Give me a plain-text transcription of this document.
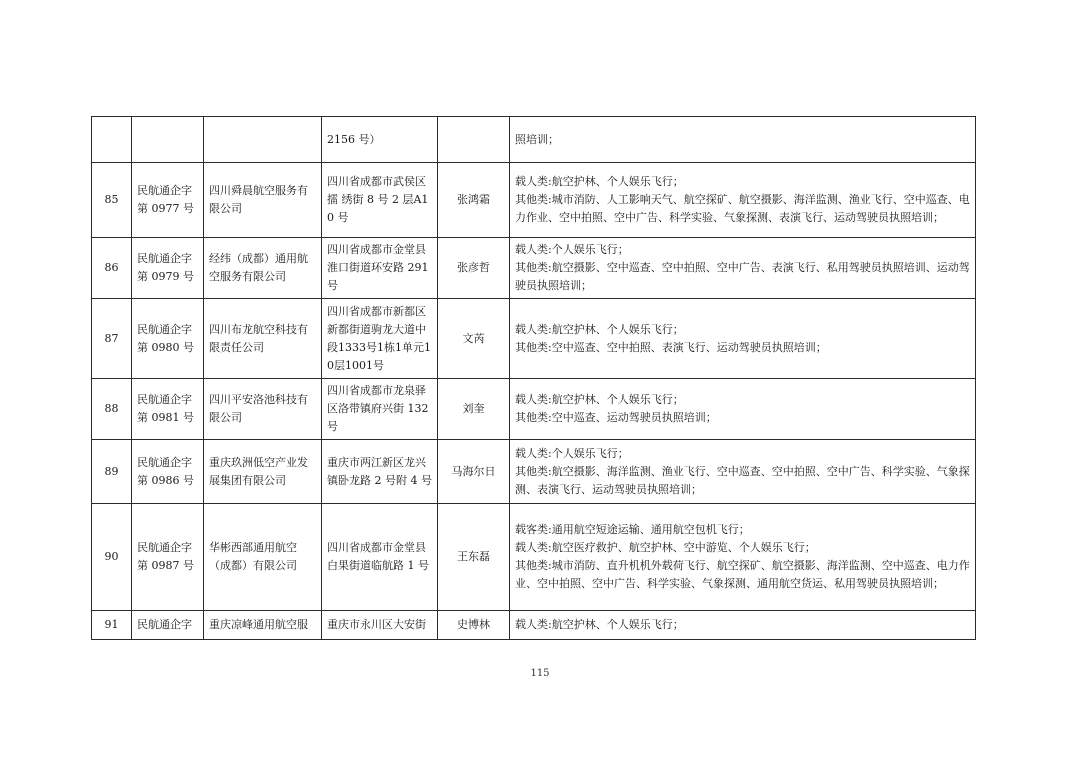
			2156 号）		照培训；

85	民航通企字第 0977 号	四川舜晨航空服务有限公司	四川省成都市武侯区擂 绣街 8 号 2 层A10 号	张鸿霜	载人类:航空护林、个人娱乐飞行；
其他类:城市消防、人工影响天气、航空探矿、航空摄影、海洋监测、渔业飞行、空中巡查、电力作业、空中拍照、空中广告、科学实验、气象探测、表演飞行、运动驾驶员执照培训；

86	民航通企字第 0979 号	经纬（成都）通用航空服务有限公司	四川省成都市金堂县淮口街道环安路 291 号	张彦哲	载人类:个人娱乐飞行；
其他类:航空摄影、空中巡查、空中拍照、空中广告、表演飞行、私用驾驶员执照培训、运动驾驶员执照培训；

87	民航通企字第 0980 号	四川布龙航空科技有限责任公司	四川省成都市新都区新都街道驹龙大道中段1333号1栋1单元10层1001号	文芮	载人类:航空护林、个人娱乐飞行；
其他类:空中巡查、空中拍照、表演飞行、运动驾驶员执照培训；

88	民航通企字第 0981 号	四川平安洛池科技有限公司	四川省成都市龙泉驿区洛带镇府兴街 132号	刘奎	载人类:航空护林、个人娱乐飞行；
其他类:空中巡查、运动驾驶员执照培训；

89	民航通企字第 0986 号	重庆玖洲低空产业发展集团有限公司	重庆市两江新区龙兴镇卧龙路 2 号附 4 号	马海尔日	载人类:个人娱乐飞行；
其他类:航空摄影、海洋监测、渔业飞行、空中巡查、空中拍照、空中广告、科学实验、气象探测、表演飞行、运动驾驶员执照培训；

90	民航通企字第 0987 号	华彬西部通用航空（成都）有限公司	四川省成都市金堂县白果街道临航路 1 号	王东磊	载客类:通用航空短途运输、通用航空包机飞行；
载人类:航空医疗救护、航空护林、空中游览、个人娱乐飞行；
其他类:城市消防、直升机机外载荷飞行、航空探矿、航空摄影、海洋监测、空中巡查、电力作业、空中拍照、空中广告、科学实验、气象探测、通用航空货运、私用驾驶员执照培训；

91	民航通企字	重庆凉峰通用航空服	重庆市永川区大安街	史博林	载人类:航空护林、个人娱乐飞行；
115
